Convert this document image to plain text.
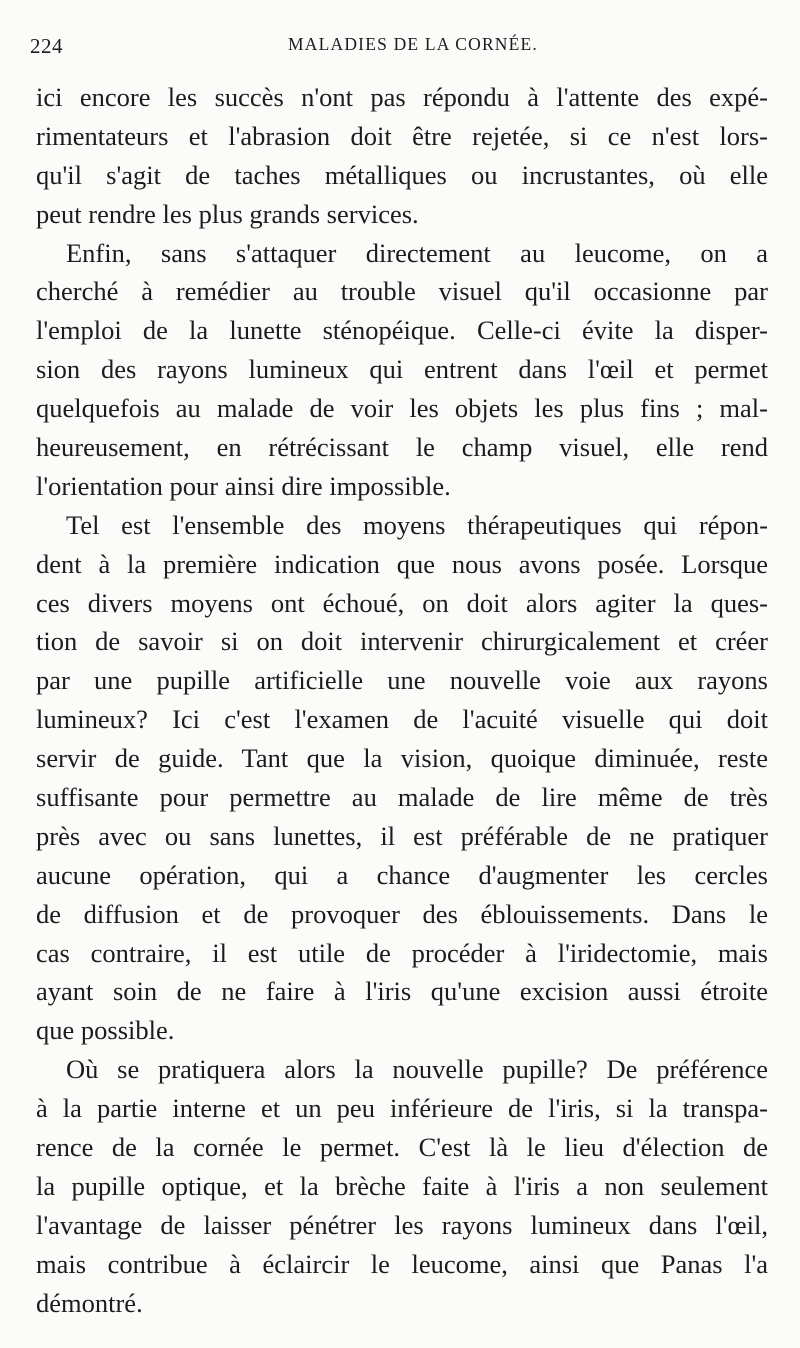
224	MALADIES DE LA CORNÉE.
ici encore les succès n'ont pas répondu à l'attente des expé-
rimentateurs et l'abrasion doit être rejetée, si ce n'est lors-
qu'il s'agit de taches métalliques ou incrustantes, où elle
peut rendre les plus grands services.
Enfin, sans s'attaquer directement au leucome, on a
cherché à remédier au trouble visuel qu'il occasionne par
l'emploi de la lunette sténopéique. Celle-ci évite la disper-
sion des rayons lumineux qui entrent dans l'œil et permet
quelquefois au malade de voir les objets les plus fins ; mal-
heureusement, en rétrécissant le champ visuel, elle rend
l'orientation pour ainsi dire impossible.
Tel est l'ensemble des moyens thérapeutiques qui répon-
dent à la première indication que nous avons posée. Lorsque
ces divers moyens ont échoué, on doit alors agiter la ques-
tion de savoir si on doit intervenir chirurgicalement et créer
par une pupille artificielle une nouvelle voie aux rayons
lumineux? Ici c'est l'examen de l'acuité visuelle qui doit
servir de guide. Tant que la vision, quoique diminuée, reste
suffisante pour permettre au malade de lire même de très
près avec ou sans lunettes, il est préférable de ne pratiquer
aucune opération, qui a chance d'augmenter les cercles
de diffusion et de provoquer des éblouissements. Dans le
cas contraire, il est utile de procéder à l'iridectomie, mais
ayant soin de ne faire à l'iris qu'une excision aussi étroite
que possible.
Où se pratiquera alors la nouvelle pupille? De préférence
à la partie interne et un peu inférieure de l'iris, si la transpa-
rence de la cornée le permet. C'est là le lieu d'élection de
la pupille optique, et la brèche faite à l'iris a non seulement
l'avantage de laisser pénétrer les rayons lumineux dans l'œil,
mais contribue à éclaircir le leucome, ainsi que Panas l'a
démontré.
